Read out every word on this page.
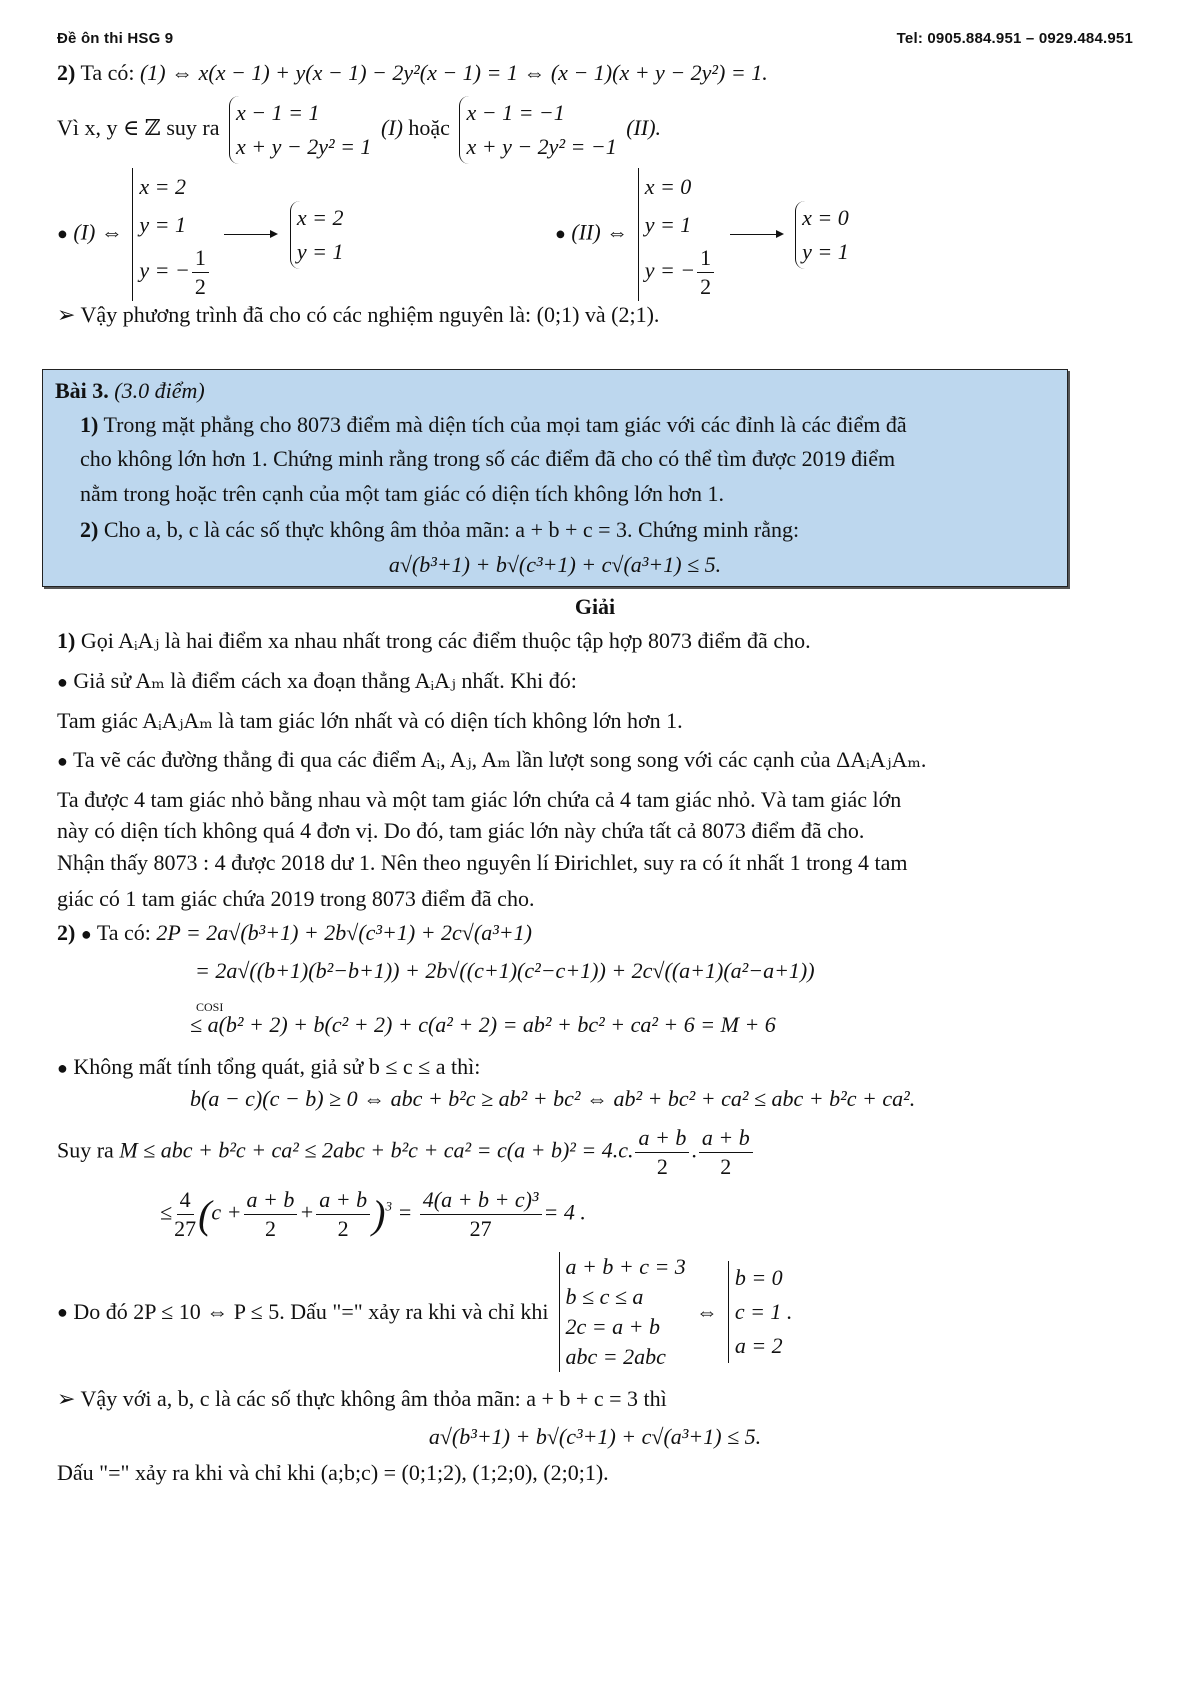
Đề ôn thi HSG 9	Tel: 0905.884.951 – 0929.484.951
2) Ta có: (1) ⇔ x(x − 1) + y(x − 1) − 2y²(x − 1) = 1 ⇔ (x − 1)(x + y − 2y²) = 1.
Vì x, y ∈ ℤ suy ra
x − 1 = 1
x + y − 2y² = 1
(I) hoặc
x − 1 = −1
x + y − 2y² = −1
(II).
● (I) ⇔
x = 2
y = 1
y = − $\frac{1}{2}$

x = 2
y = 1
● (II) ⇔
x = 0
y = 1
y = − $\frac{1}{2}$

x = 0
y = 1
➢ Vậy phương trình đã cho có các nghiệm nguyên là: (0;1) và (2;1).
Bài 3. (3.0 điểm)
1) Trong mặt phẳng cho 8073 điểm mà diện tích của mọi tam giác với các đỉnh là các điểm đã
cho không lớn hơn 1. Chứng minh rằng trong số các điểm đã cho có thể tìm được 2019 điểm
nằm trong hoặc trên cạnh của một tam giác có diện tích không lớn hơn 1.
2) Cho a, b, c là các số thực không âm thỏa mãn: a + b + c = 3. Chứng minh rằng:
a√(b³+1) + b√(c³+1) + c√(a³+1) ≤ 5.
Giải
1) Gọi AᵢAⱼ là hai điểm xa nhau nhất trong các điểm thuộc tập hợp 8073 điểm đã cho.
● Giả sử Aₘ là điểm cách xa đoạn thẳng AᵢAⱼ nhất. Khi đó:
Tam giác AᵢAⱼAₘ là tam giác lớn nhất và có diện tích không lớn hơn 1.
● Ta vẽ các đường thẳng đi qua các điểm Aᵢ, Aⱼ, Aₘ lần lượt song song với các cạnh của ΔAᵢAⱼAₘ.
Ta được 4 tam giác nhỏ bằng nhau và một tam giác lớn chứa cả 4 tam giác nhỏ. Và tam giác lớn
này có diện tích không quá 4 đơn vị. Do đó, tam giác lớn này chứa tất cả 8073 điểm đã cho.
Nhận thấy 8073 : 4 được 2018 dư 1. Nên theo nguyên lí Đirichlet, suy ra có ít nhất 1 trong 4 tam
giác có 1 tam giác chứa 2019 trong 8073 điểm đã cho.
2) ● Ta có: 2P = 2a√(b³+1) + 2b√(c³+1) + 2c√(a³+1)
= 2a√((b+1)(b²−b+1)) + 2b√((c+1)(c²−c+1)) + 2c√((a+1)(a²−a+1))
COSI
≤ a(b² + 2) + b(c² + 2) + c(a² + 2) = ab² + bc² + ca² + 6 = M + 6
● Không mất tính tổng quát, giả sử b ≤ c ≤ a thì:
b(a − c)(c − b) ≥ 0 ⇔ abc + b²c ≥ ab² + bc² ⇔ ab² + bc² + ca² ≤ abc + b²c + ca².
Suy ra M ≤ abc + b²c + ca² ≤ 2abc + b²c + ca² = c(a + b)² = 4.c. $\frac{a + b}{2}$ . $\frac{a + b}{2}$
≤ $\frac{4}{27} (c + \frac{a + b}{2} + \frac{a + b}{2} )^3 = \frac{\text{4(a + b + c)³}}{27} = 4$ .
●
Do đó 2P ≤ 10 ⇔ P ≤ 5. Dấu "=" xảy ra khi và chỉ khi
a + b + c = 3
b ≤ c ≤ a
2c = a + b
abc = 2abc
⇔
b = 0
c = 1 .
a = 2
➢ Vậy với a, b, c là các số thực không âm thỏa mãn: a + b + c = 3 thì
a√(b³+1) + b√(c³+1) + c√(a³+1) ≤ 5.
Dấu "=" xảy ra khi và chỉ khi (a;b;c) = (0;1;2), (1;2;0), (2;0;1).
